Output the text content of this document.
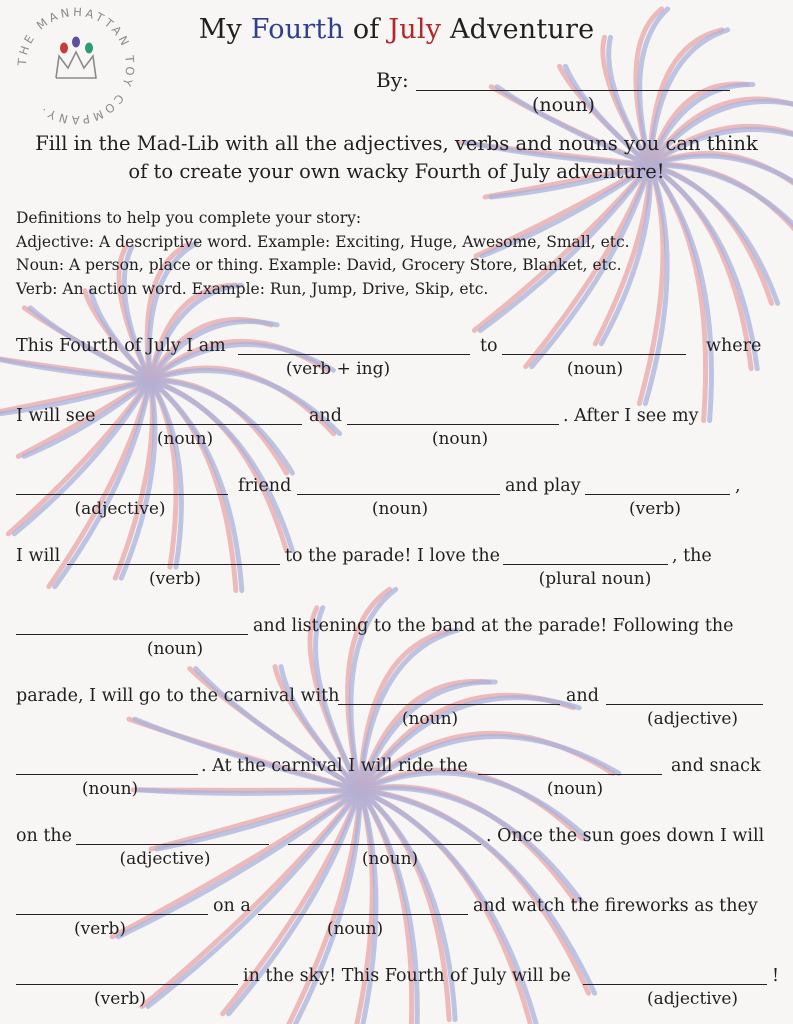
THE MANHATTAN TOY COMPANY·
My Fourth of July Adventure
By:
(noun)
Fill in the Mad-Lib with all the adjectives, verbs and nouns you can think
of to create your own wacky Fourth of July adventure!
Definitions to help you complete your story:
Adjective: A descriptive word. Example: Exciting, Huge, Awesome, Small, etc.
Noun: A person, place or thing. Example: David, Grocery Store, Blanket, etc.
Verb: An action word. Example: Run, Jump, Drive, Skip, etc.
This Fourth of July I am	to	where
(verb + ing)	(noun)
I will see	and	. After I see my
(noun)	(noun)
friend	and play	,
(adjective)	(noun)	(verb)
I will	to the parade! I love the	, the
(verb)	(plural noun)
and listening to the band at the parade! Following the
(noun)
parade, I will go to the carnival with	and
(noun)	(adjective)
. At the carnival I will ride the	and snack
(noun)	(noun)
on the	. Once the sun goes down I will
(adjective)	(noun)
on a	and watch the fireworks as they
(verb)	(noun)
in the sky! This Fourth of July will be	!
(verb)	(adjective)
